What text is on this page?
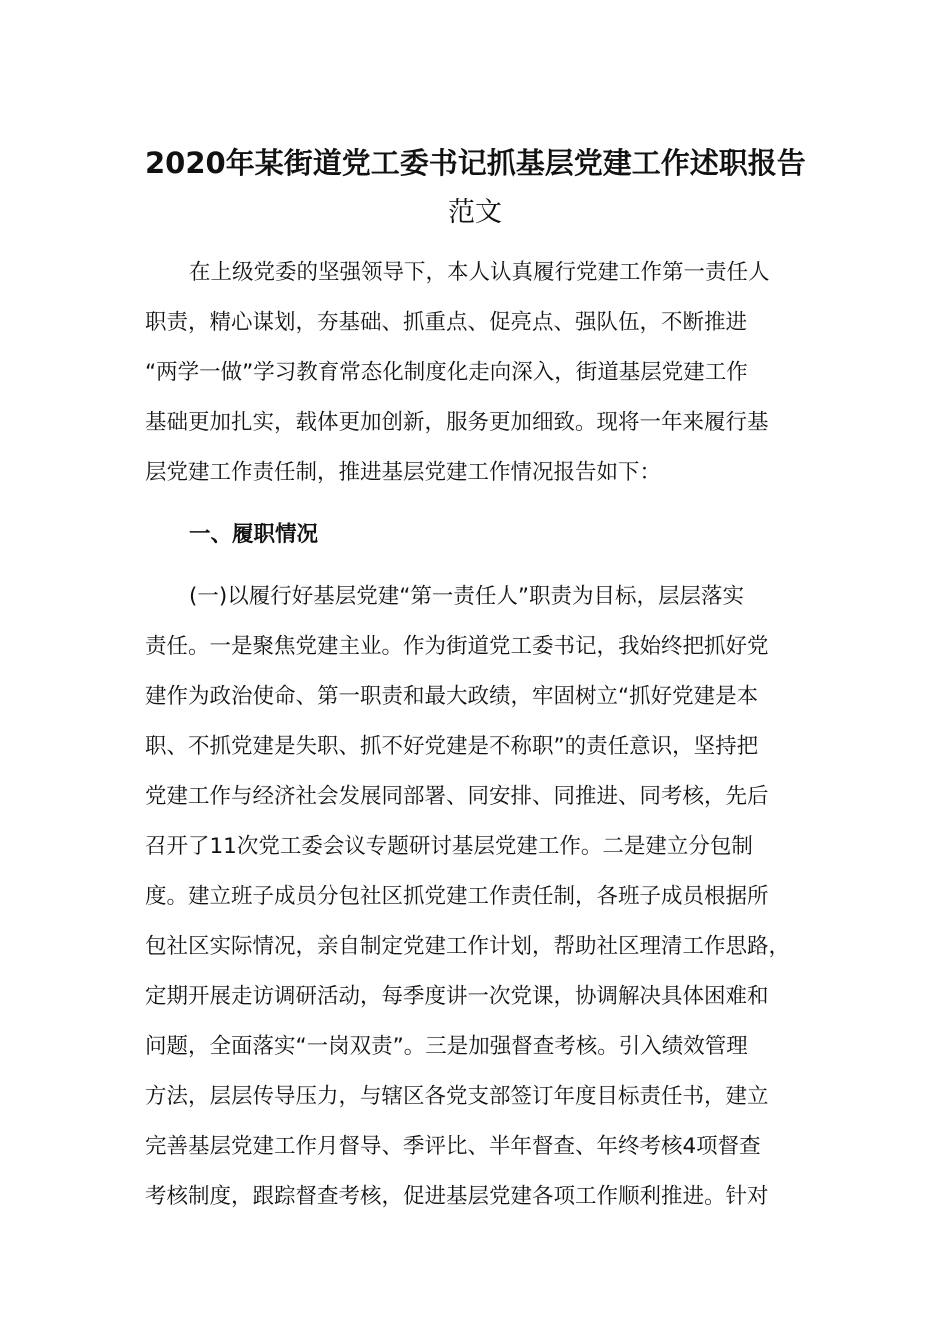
2020年某街道党工委书记抓基层党建工作述职报告
范文
在上级党委的坚强领导下，本人认真履行党建工作第一责任人
职责，精心谋划，夯基础、抓重点、促亮点、强队伍，不断推进
“两学一做”学习教育常态化制度化走向深入，街道基层党建工作
基础更加扎实，载体更加创新，服务更加细致。现将一年来履行基
层党建工作责任制，推进基层党建工作情况报告如下：
一、履职情况
(一)以履行好基层党建“第一责任人”职责为目标，层层落实
责任。一是聚焦党建主业。作为街道党工委书记，我始终把抓好党
建作为政治使命、第一职责和最大政绩，牢固树立“抓好党建是本
职、不抓党建是失职、抓不好党建是不称职”的责任意识，坚持把
党建工作与经济社会发展同部署、同安排、同推进、同考核，先后
召开了11次党工委会议专题研讨基层党建工作。二是建立分包制
度。建立班子成员分包社区抓党建工作责任制，各班子成员根据所
包社区实际情况，亲自制定党建工作计划，帮助社区理清工作思路，
定期开展走访调研活动，每季度讲一次党课，协调解决具体困难和
问题，全面落实“一岗双责”。三是加强督查考核。引入绩效管理
方法，层层传导压力，与辖区各党支部签订年度目标责任书，建立
完善基层党建工作月督导、季评比、半年督查、年终考核4项督查
考核制度，跟踪督查考核，促进基层党建各项工作顺利推进。针对
